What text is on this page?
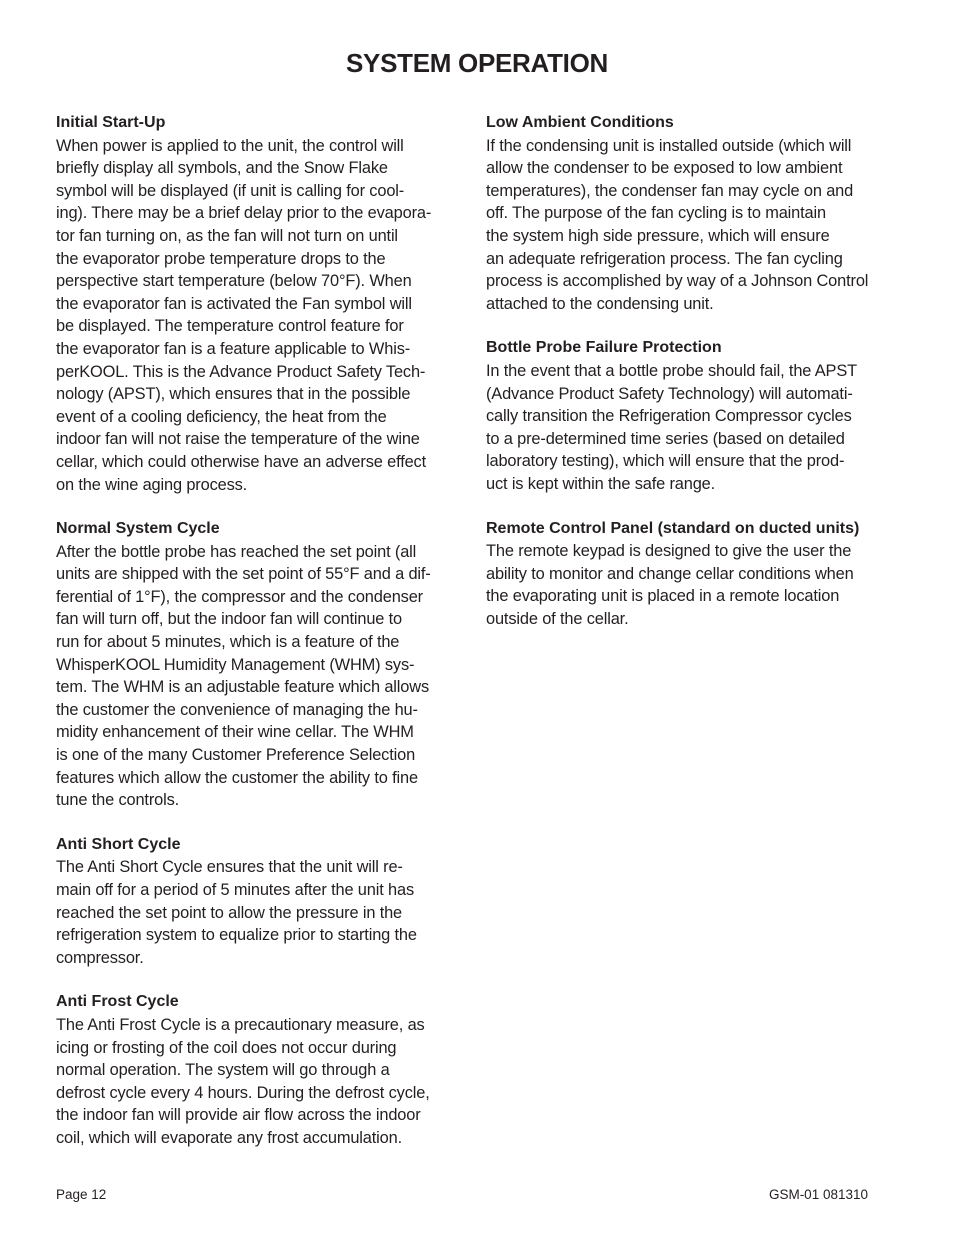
SYSTEM OPERATION

Initial Start-Up

When power is applied to the unit, the control will
briefly display all symbols, and the Snow Flake
symbol will be displayed (if unit is calling for cool-
ing). There may be a brief delay prior to the evapora-
tor fan turning on, as the fan will not turn on until
the evaporator probe temperature drops to the
perspective start temperature (below 70°F). When
the evaporator fan is activated the Fan symbol will
be displayed. The temperature control feature for
the evaporator fan is a feature applicable to Whis-
perKOOL. This is the Advance Product Safety Tech-
nology (APST), which ensures that in the possible
event of a cooling deficiency, the heat from the
indoor fan will not raise the temperature of the wine
cellar, which could otherwise have an adverse effect
on the wine aging process.

Normal System Cycle

After the bottle probe has reached the set point (all
units are shipped with the set point of 55°F and a dif-
ferential of 1°F), the compressor and the condenser
fan will turn off, but the indoor fan will continue to
run for about 5 minutes, which is a feature of the
WhisperKOOL Humidity Management (WHM) sys-
tem. The WHM is an adjustable feature which allows
the customer the convenience of managing the hu-
midity enhancement of their wine cellar. The WHM
is one of the many Customer Preference Selection
features which allow the customer the ability to fine
tune the controls.

Anti Short Cycle

The Anti Short Cycle ensures that the unit will re-
main off for a period of 5 minutes after the unit has
reached the set point to allow the pressure in the
refrigeration system to equalize prior to starting the
compressor.

Anti Frost Cycle

The Anti Frost Cycle is a precautionary measure, as
icing or frosting of the coil does not occur during
normal operation. The system will go through a
defrost cycle every 4 hours. During the defrost cycle,
the indoor fan will provide air flow across the indoor
coil, which will evaporate any frost accumulation.

Low Ambient Conditions

If the condensing unit is installed outside (which will
allow the condenser to be exposed to low ambient
temperatures), the condenser fan may cycle on and
off. The purpose of the fan cycling is to maintain
the system high side pressure, which will ensure
an adequate refrigeration process. The fan cycling
process is accomplished by way of a Johnson Control
attached to the condensing unit.

Bottle Probe Failure Protection

In the event that a bottle probe should fail, the APST
(Advance Product Safety Technology) will automati-
cally transition the Refrigeration Compressor cycles
to a pre-determined time series (based on detailed
laboratory testing), which will ensure that the prod-
uct is kept within the safe range.

Remote Control Panel (standard on ducted units)

The remote keypad is designed to give the user the
ability to monitor and change cellar conditions when
the evaporating unit is placed in a remote location
outside of the cellar.
Page 12	GSM-01 081310
